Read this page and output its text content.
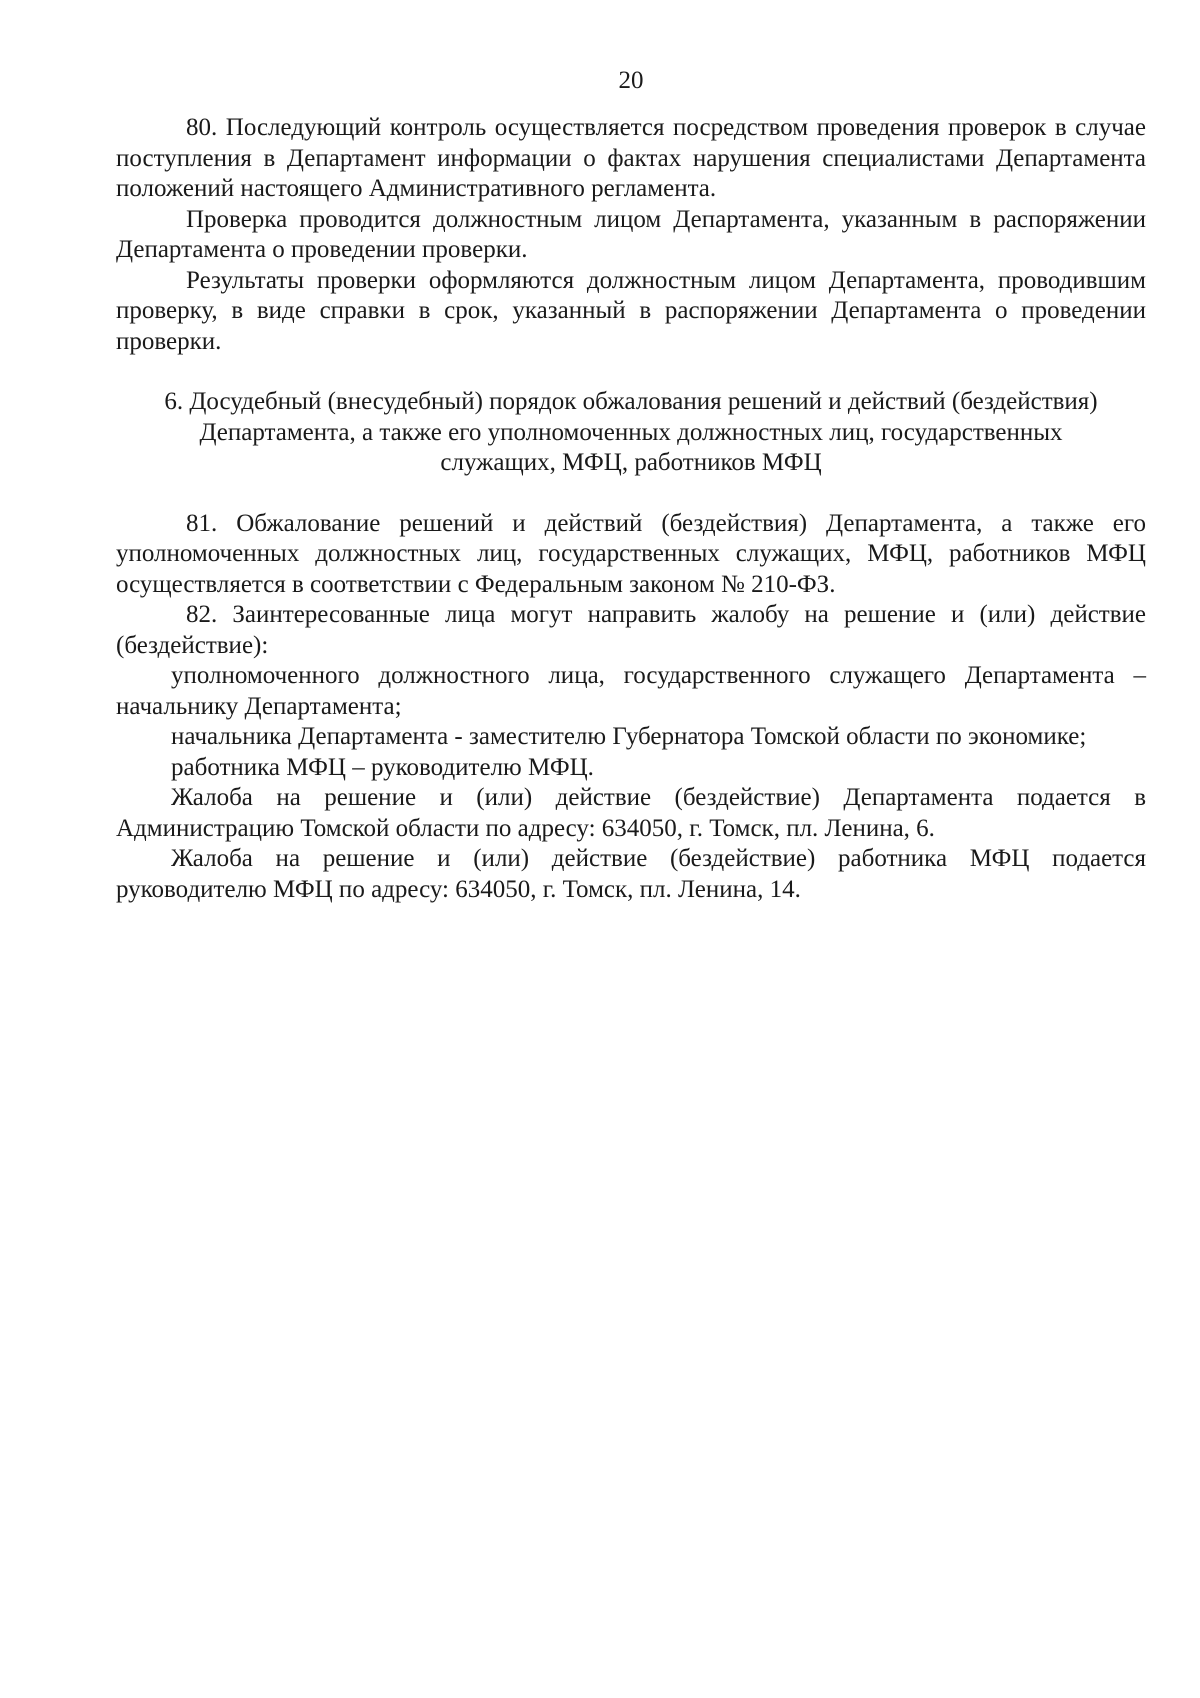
20

80. Последующий контроль осуществляется посредством проведения проверок в случае поступления в Департамент информации о фактах нарушения специалистами Департамента положений настоящего Административного регламента.

Проверка проводится должностным лицом Департамента, указанным в распоряжении Департамента о проведении проверки.

Результаты проверки оформляются должностным лицом Департамента, проводившим проверку, в виде справки в срок, указанный в распоряжении Департамента о проведении проверки.

6. Досудебный (внесудебный) порядок обжалования решений и действий (бездействия)
Департамента, а также его уполномоченных должностных лиц, государственных
служащих, МФЦ, работников МФЦ

81. Обжалование решений и действий (бездействия) Департамента, а также его уполномоченных должностных лиц, государственных служащих, МФЦ, работников МФЦ осуществляется в соответствии с Федеральным законом № 210-ФЗ.

82. Заинтересованные лица могут направить жалобу на решение и (или) действие (бездействие):

уполномоченного должностного лица, государственного служащего Департамента – начальнику Департамента;

начальника Департамента - заместителю Губернатора Томской области по экономике;

работника МФЦ – руководителю МФЦ.

Жалоба на решение и (или) действие (бездействие) Департамента подается в Администрацию Томской области по адресу: 634050, г. Томск, пл. Ленина, 6.

Жалоба на решение и (или) действие (бездействие) работника МФЦ подается руководителю МФЦ по адресу: 634050, г. Томск, пл. Ленина, 14.
